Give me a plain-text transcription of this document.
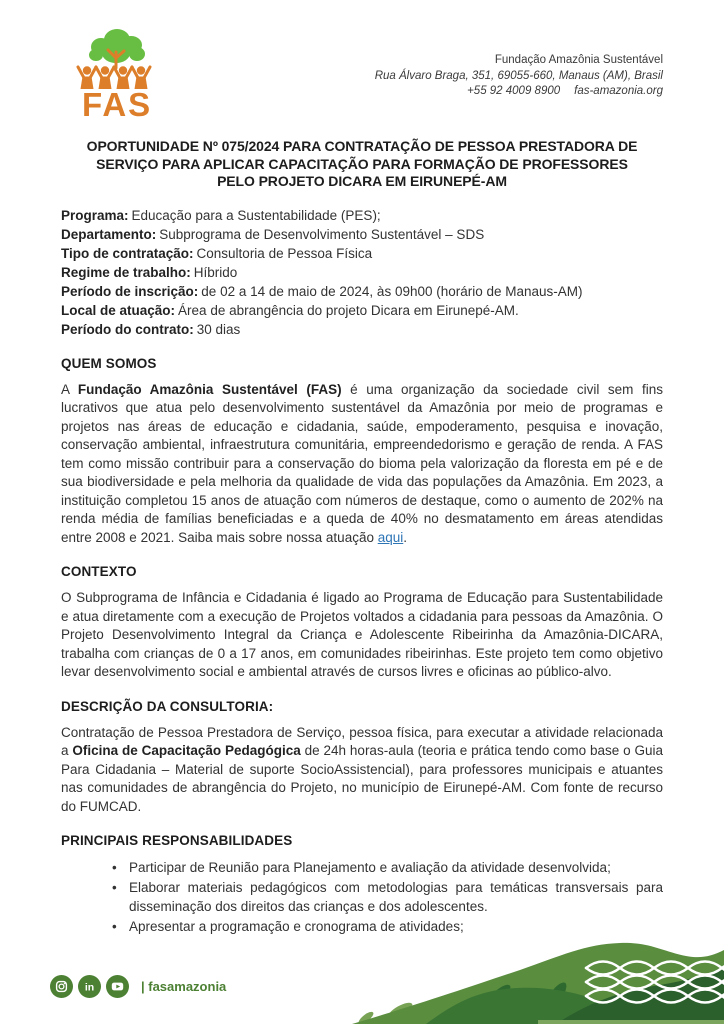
FAS
Fundação Amazônia Sustentável
Rua Álvaro Braga, 351, 69055-660, Manaus (AM), Brasil
+55 92 4009 8900 fas-amazonia.org
OPORTUNIDADE Nº 075/2024 PARA CONTRATAÇÃO DE PESSOA PRESTADORA DE SERVIÇO PARA APLICAR CAPACITAÇÃO PARA FORMAÇÃO DE PROFESSORES PELO PROJETO DICARA EM EIRUNEPÉ-AM

Programa: Educação para a Sustentabilidade (PES);

Departamento: Subprograma de Desenvolvimento Sustentável – SDS

Tipo de contratação: Consultoria de Pessoa Física

Regime de trabalho: Híbrido

Período de inscrição: de 02 a 14 de maio de 2024, às 09h00 (horário de Manaus-AM)

Local de atuação: Área de abrangência do projeto Dicara em Eirunepé-AM.

Período do contrato: 30 dias

QUEM SOMOS

A Fundação Amazônia Sustentável (FAS) é uma organização da sociedade civil sem fins lucrativos que atua pelo desenvolvimento sustentável da Amazônia por meio de programas e projetos nas áreas de educação e cidadania, saúde, empoderamento, pesquisa e inovação, conservação ambiental, infraestrutura comunitária, empreendedorismo e geração de renda. A FAS tem como missão contribuir para a conservação do bioma pela valorização da floresta em pé e de sua biodiversidade e pela melhoria da qualidade de vida das populações da Amazônia. Em 2023, a instituição completou 15 anos de atuação com números de destaque, como o aumento de 202% na renda média de famílias beneficiadas e a queda de 40% no desmatamento em áreas atendidas entre 2008 e 2021. Saiba mais sobre nossa atuação aqui.

CONTEXTO

O Subprograma de Infância e Cidadania é ligado ao Programa de Educação para Sustentabilidade e atua diretamente com a execução de Projetos voltados a cidadania para pessoas da Amazônia. O Projeto Desenvolvimento Integral da Criança e Adolescente Ribeirinha da Amazônia-DICARA, trabalha com crianças de 0 a 17 anos, em comunidades ribeirinhas. Este projeto tem como objetivo levar desenvolvimento social e ambiental através de cursos livres e oficinas ao público-alvo.

DESCRIÇÃO DA CONSULTORIA:

Contratação de Pessoa Prestadora de Serviço, pessoa física, para executar a atividade relacionada a Oficina de Capacitação Pedagógica de 24h horas-aula (teoria e prática tendo como base o Guia Para Cidadania – Material de suporte SocioAssistencial), para professores municipais e atuantes nas comunidades de abrangência do Projeto, no município de Eirunepé-AM. Com fonte de recurso do FUMCAD.

PRINCIPAIS RESPONSABILIDADES
• Participar de Reunião para Planejamento e avaliação da atividade desenvolvida;
• Elaborar materiais pedagógicos com metodologias para temáticas transversais para disseminação dos direitos das crianças e dos adolescentes.
• Apresentar a programação e cronograma de atividades;
in	| fasamazonia
